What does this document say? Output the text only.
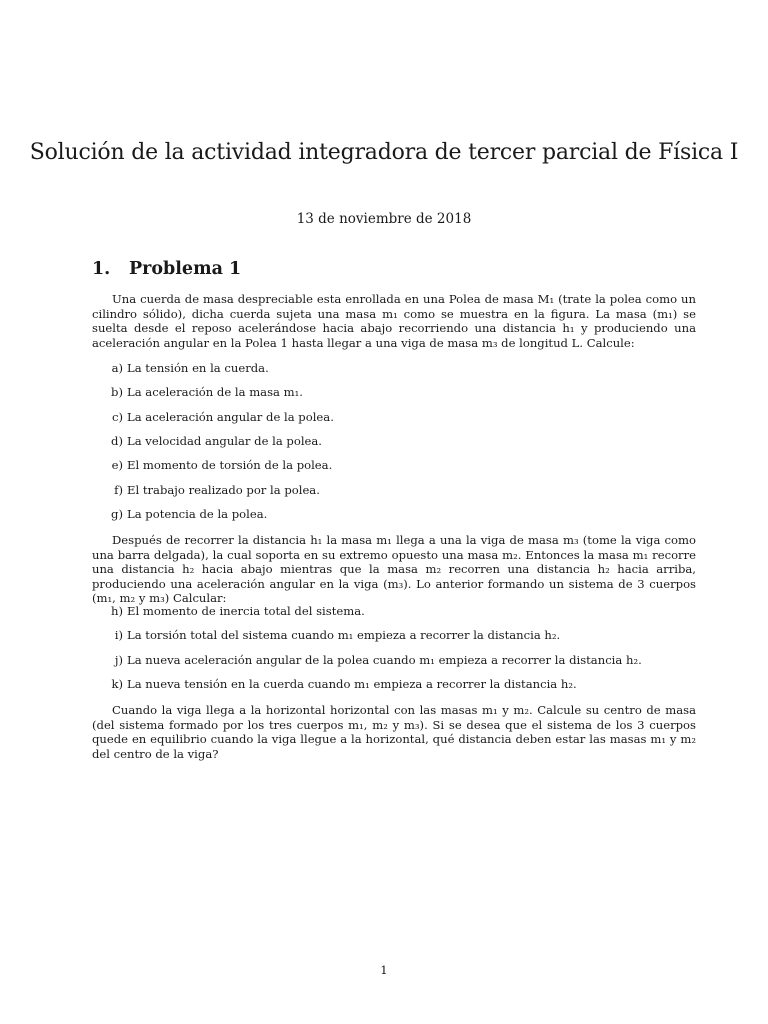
Solución de la actividad integradora de tercer parcial de Física I
13 de noviembre de 2018
1. Problema 1

Una cuerda de masa despreciable esta enrollada en una Polea de masa M₁ (trate la polea como un cilindro sólido), dicha cuerda sujeta una masa m₁ como se muestra en la figura. La masa (m₁) se suelta desde el reposo acelerándose hacia abajo recorriendo una distancia h₁ y produciendo una aceleración angular en la Polea 1 hasta llegar a una viga de masa m₃ de longitud L. Calcule:

a) La tensión en la cuerda.
b) La aceleración de la masa m₁.
c) La aceleración angular de la polea.
d) La velocidad angular de la polea.
e) El momento de torsión de la polea.
f) El trabajo realizado por la polea.
g) La potencia de la polea.

Después de recorrer la distancia h₁ la masa m₁ llega a una la viga de masa m₃ (tome la viga como una barra delgada), la cual soporta en su extremo opuesto una masa m₂. Entonces la masa m₁ recorre una distancia h₂ hacia abajo mientras que la masa m₂ recorren una distancia h₂ hacia arriba, produciendo una aceleración angular en la viga (m₃). Lo anterior formando un sistema de 3 cuerpos (m₁, m₂ y m₃) Calcular:

h) El momento de inercia total del sistema.
i) La torsión total del sistema cuando m₁ empieza a recorrer la distancia h₂.
j) La nueva aceleración angular de la polea cuando m₁ empieza a recorrer la distancia h₂.
k) La nueva tensión en la cuerda cuando m₁ empieza a recorrer la distancia h₂.

Cuando la viga llega a la horizontal horizontal con las masas m₁ y m₂. Calcule su centro de masa (del sistema formado por los tres cuerpos m₁, m₂ y m₃). Si se desea que el sistema de los 3 cuerpos quede en equilibrio cuando la viga llegue a la horizontal, qué distancia deben estar las masas m₁ y m₂ del centro de la viga?

1
